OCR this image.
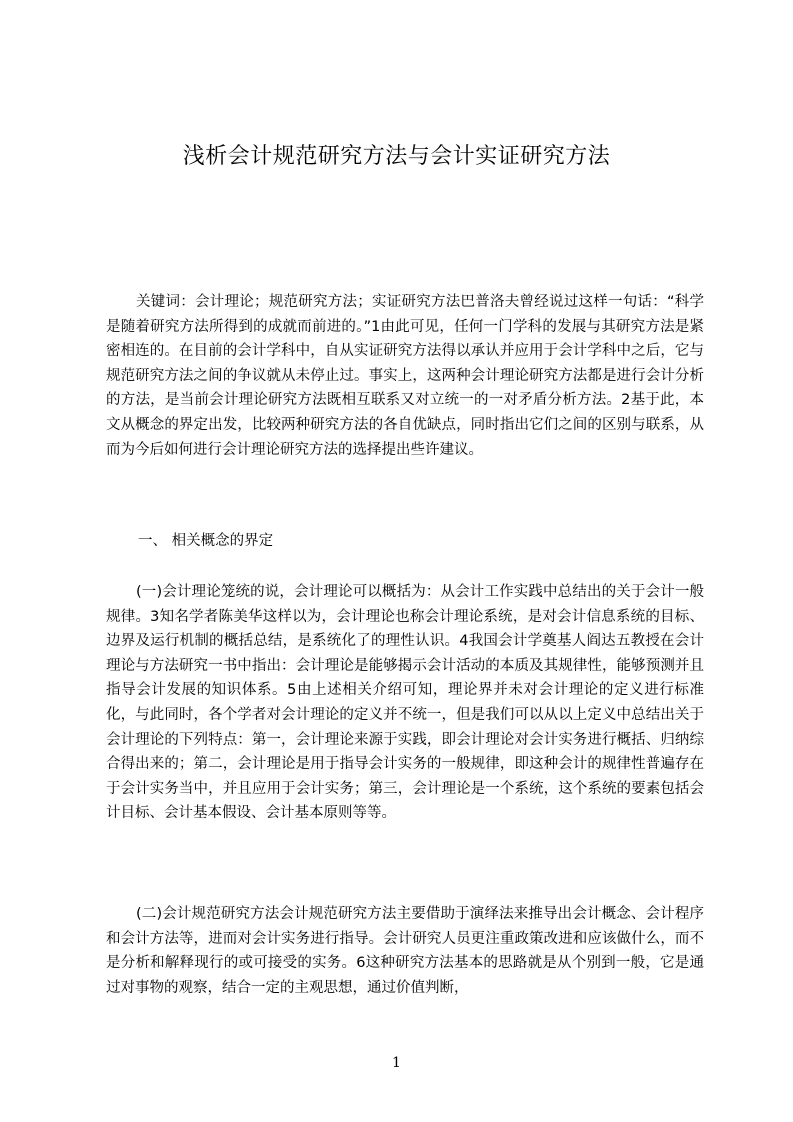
浅析会计规范研究方法与会计实证研究方法

关键词：会计理论；规范研究方法；实证研究方法巴普洛夫曾经说过这样一句话：“科学是随着研究方法所得到的成就而前进的。”1由此可见，任何一门学科的发展与其研究方法是紧密相连的。在目前的会计学科中，自从实证研究方法得以承认并应用于会计学科中之后，它与规范研究方法之间的争议就从未停止过。事实上，这两种会计理论研究方法都是进行会计分析的方法，是当前会计理论研究方法既相互联系又对立统一的一对矛盾分析方法。2基于此，本文从概念的界定出发，比较两种研究方法的各自优缺点，同时指出它们之间的区别与联系，从而为今后如何进行会计理论研究方法的选择提出些许建议。

一、 相关概念的界定

(一)会计理论笼统的说，会计理论可以概括为：从会计工作实践中总结出的关于会计一般规律。3知名学者陈美华这样以为，会计理论也称会计理论系统，是对会计信息系统的目标、边界及运行机制的概括总结，是系统化了的理性认识。4我国会计学奠基人阎达五教授在会计理论与方法研究一书中指出：会计理论是能够揭示会计活动的本质及其规律性，能够预测并且指导会计发展的知识体系。5由上述相关介绍可知，理论界并未对会计理论的定义进行标准化，与此同时，各个学者对会计理论的定义并不统一，但是我们可以从以上定义中总结出关于会计理论的下列特点：第一，会计理论来源于实践，即会计理论对会计实务进行概括、归纳综合得出来的；第二，会计理论是用于指导会计实务的一般规律，即这种会计的规律性普遍存在于会计实务当中，并且应用于会计实务；第三，会计理论是一个系统，这个系统的要素包括会计目标、会计基本假设、会计基本原则等等。

(二)会计规范研究方法会计规范研究方法主要借助于演绎法来推导出会计概念、会计程序和会计方法等，进而对会计实务进行指导。会计研究人员更注重政策改进和应该做什么，而不是分析和解释现行的或可接受的实务。6这种研究方法基本的思路就是从个别到一般，它是通过对事物的观察，结合一定的主观思想，通过价值判断，

1
